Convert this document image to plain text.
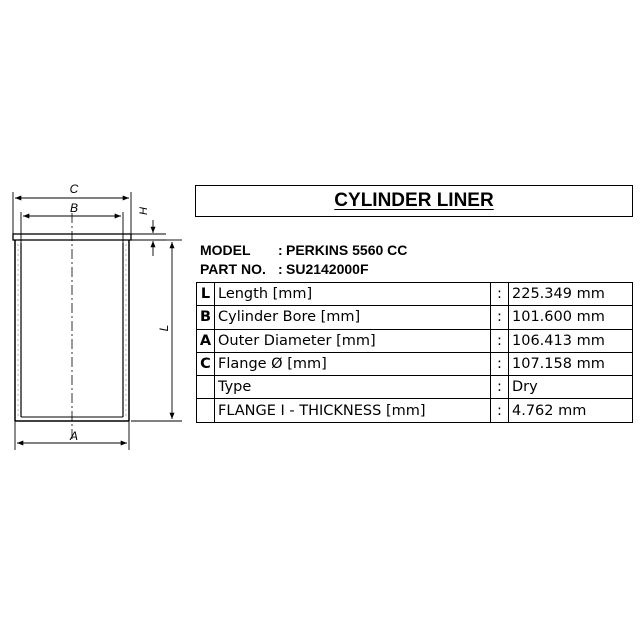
C
B	H
L
A
CYLINDER LINER
MODEL : PERKINS 5560 CC
PART NO. : SU2142000F
L	Length [mm]	:	225.349 mm
B	Cylinder Bore [mm]	:	101.600 mm
A	Outer Diameter [mm]	:	106.413 mm
C	Flange Ø [mm]	:	107.158 mm
	Type	:	Dry
	FLANGE I - THICKNESS [mm]	:	4.762 mm
